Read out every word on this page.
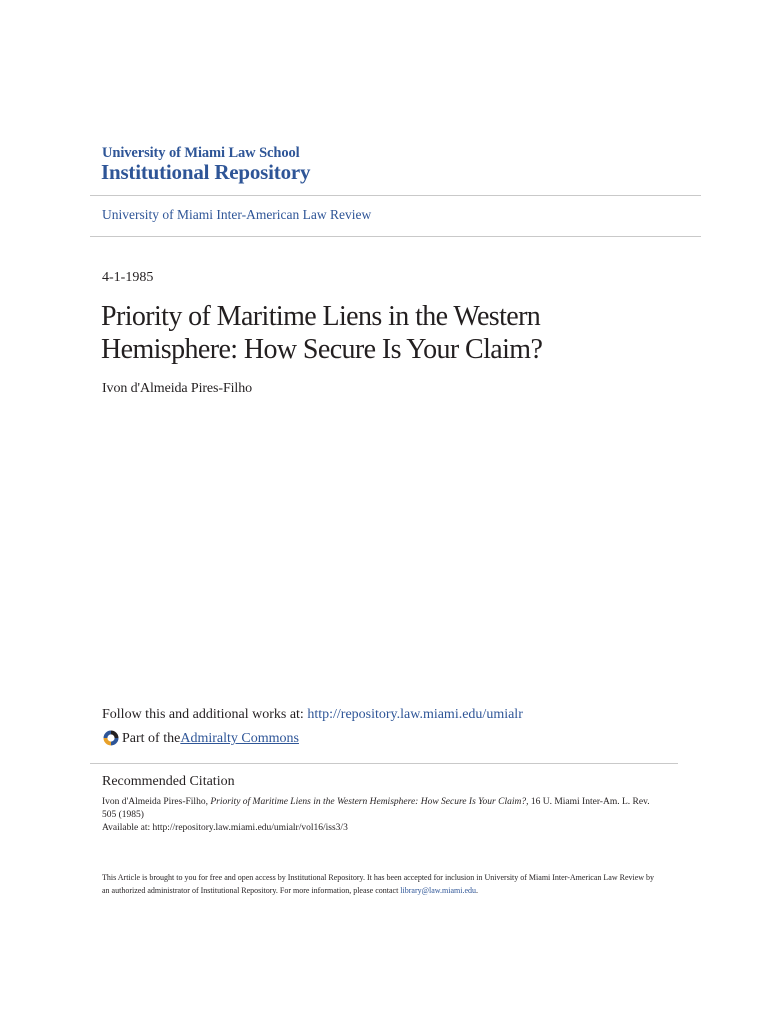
University of Miami Law School
Institutional Repository
University of Miami Inter-American Law Review
4-1-1985
Priority of Maritime Liens in the Western
Hemisphere: How Secure Is Your Claim?
Ivon d'Almeida Pires-Filho
Follow this and additional works at: http://repository.law.miami.edu/umialr
Part of the Admiralty Commons
Recommended Citation
Ivon d'Almeida Pires-Filho, Priority of Maritime Liens in the Western Hemisphere: How Secure Is Your Claim?, 16 U. Miami Inter-Am. L. Rev. 505 (1985)
Available at: http://repository.law.miami.edu/umialr/vol16/iss3/3
This Article is brought to you for free and open access by Institutional Repository. It has been accepted for inclusion in University of Miami Inter-American Law Review by an authorized administrator of Institutional Repository. For more information, please contact library@law.miami.edu.
